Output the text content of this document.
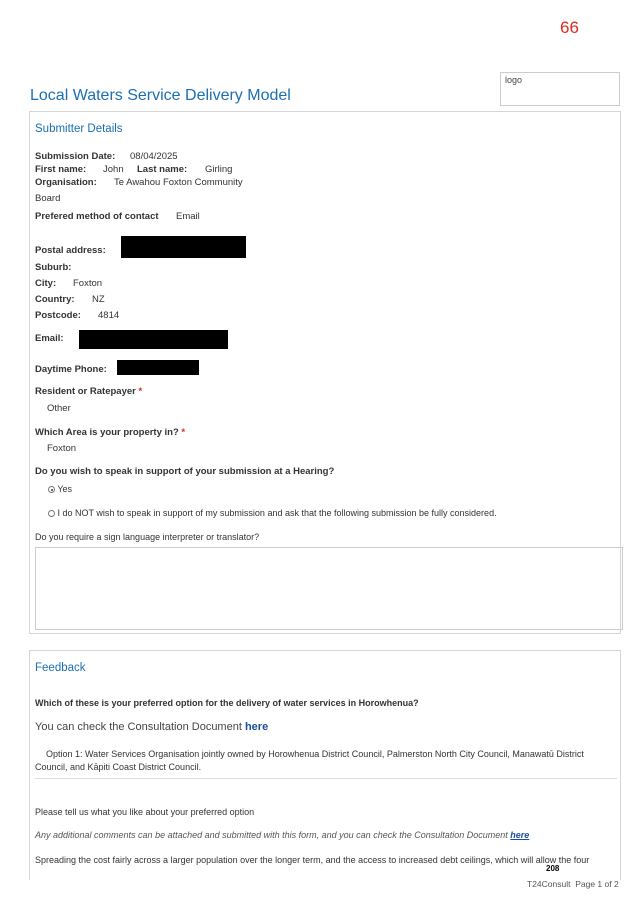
66
logo
Local Waters Service Delivery Model
Submitter Details
Submission Date: 08/04/2025
First name: John Last name: Girling
Organisation: Te Awahou Foxton Community
Board
Prefered method of contact Email
Postal address:
Suburb:
City: Foxton
Country: NZ
Postcode: 4814
Email:
Daytime Phone:
Resident or Ratepayer *
Other
Which Area is your property in? *
Foxton
Do you wish to speak in support of your submission at a Hearing?
Yes
I do NOT wish to speak in support of my submission and ask that the following submission be fully considered.
Do you require a sign language interpreter or translator?
Feedback
Which of these is your preferred option for the delivery of water services in Horowhenua?
You can check the Consultation Document here
Option 1: Water Services Organisation jointly owned by Horowhenua District Council, Palmerston North City Council, Manawatū District
Council, and Kāpiti Coast District Council.
Please tell us what you like about your preferred option
Any additional comments can be attached and submitted with this form, and you can check the Consultation Document here
Spreading the cost fairly across a larger population over the longer term, and the access to increased debt ceilings, which will allow the four
208
T24Consult  Page 1 of 2
